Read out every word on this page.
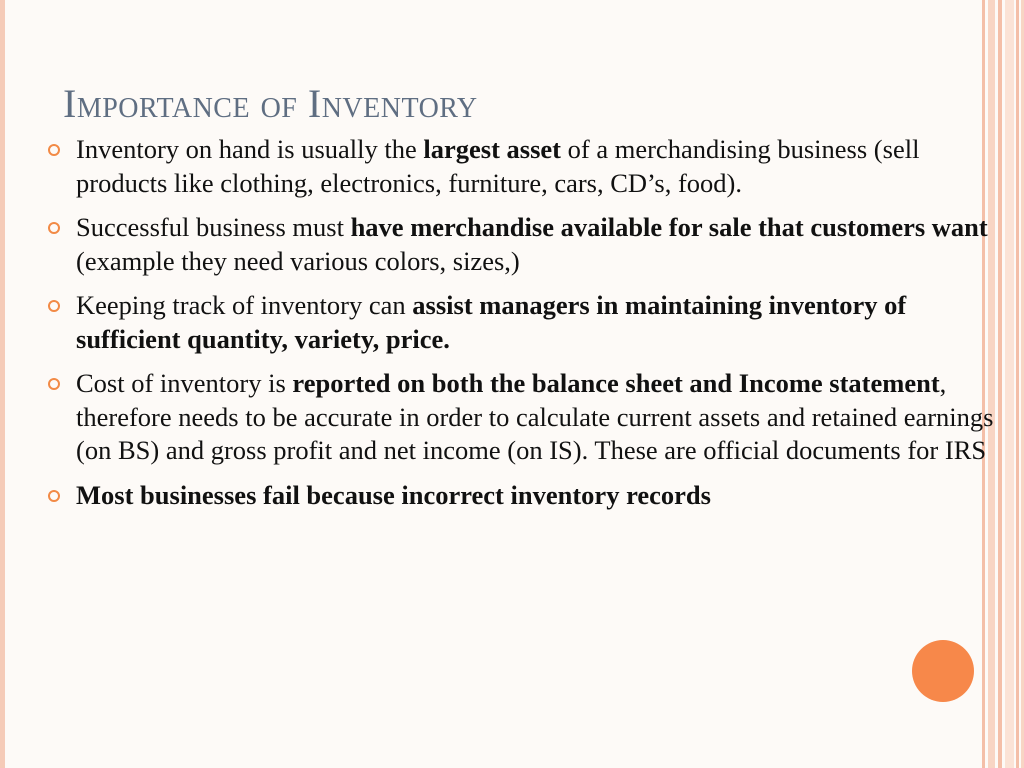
Importance of Inventory
Inventory on hand is usually the largest asset of a merchandising business (sell products like clothing, electronics, furniture, cars, CD’s, food).
Successful business must have merchandise available for sale that customers want (example they need various colors, sizes,)
Keeping track of inventory can assist managers in maintaining inventory of sufficient quantity, variety, price.
Cost of inventory is reported on both the balance sheet and Income statement, therefore needs to be accurate in order to calculate current assets and retained earnings (on BS) and gross profit and net income (on IS). These are official documents for IRS
Most businesses fail because incorrect inventory records
